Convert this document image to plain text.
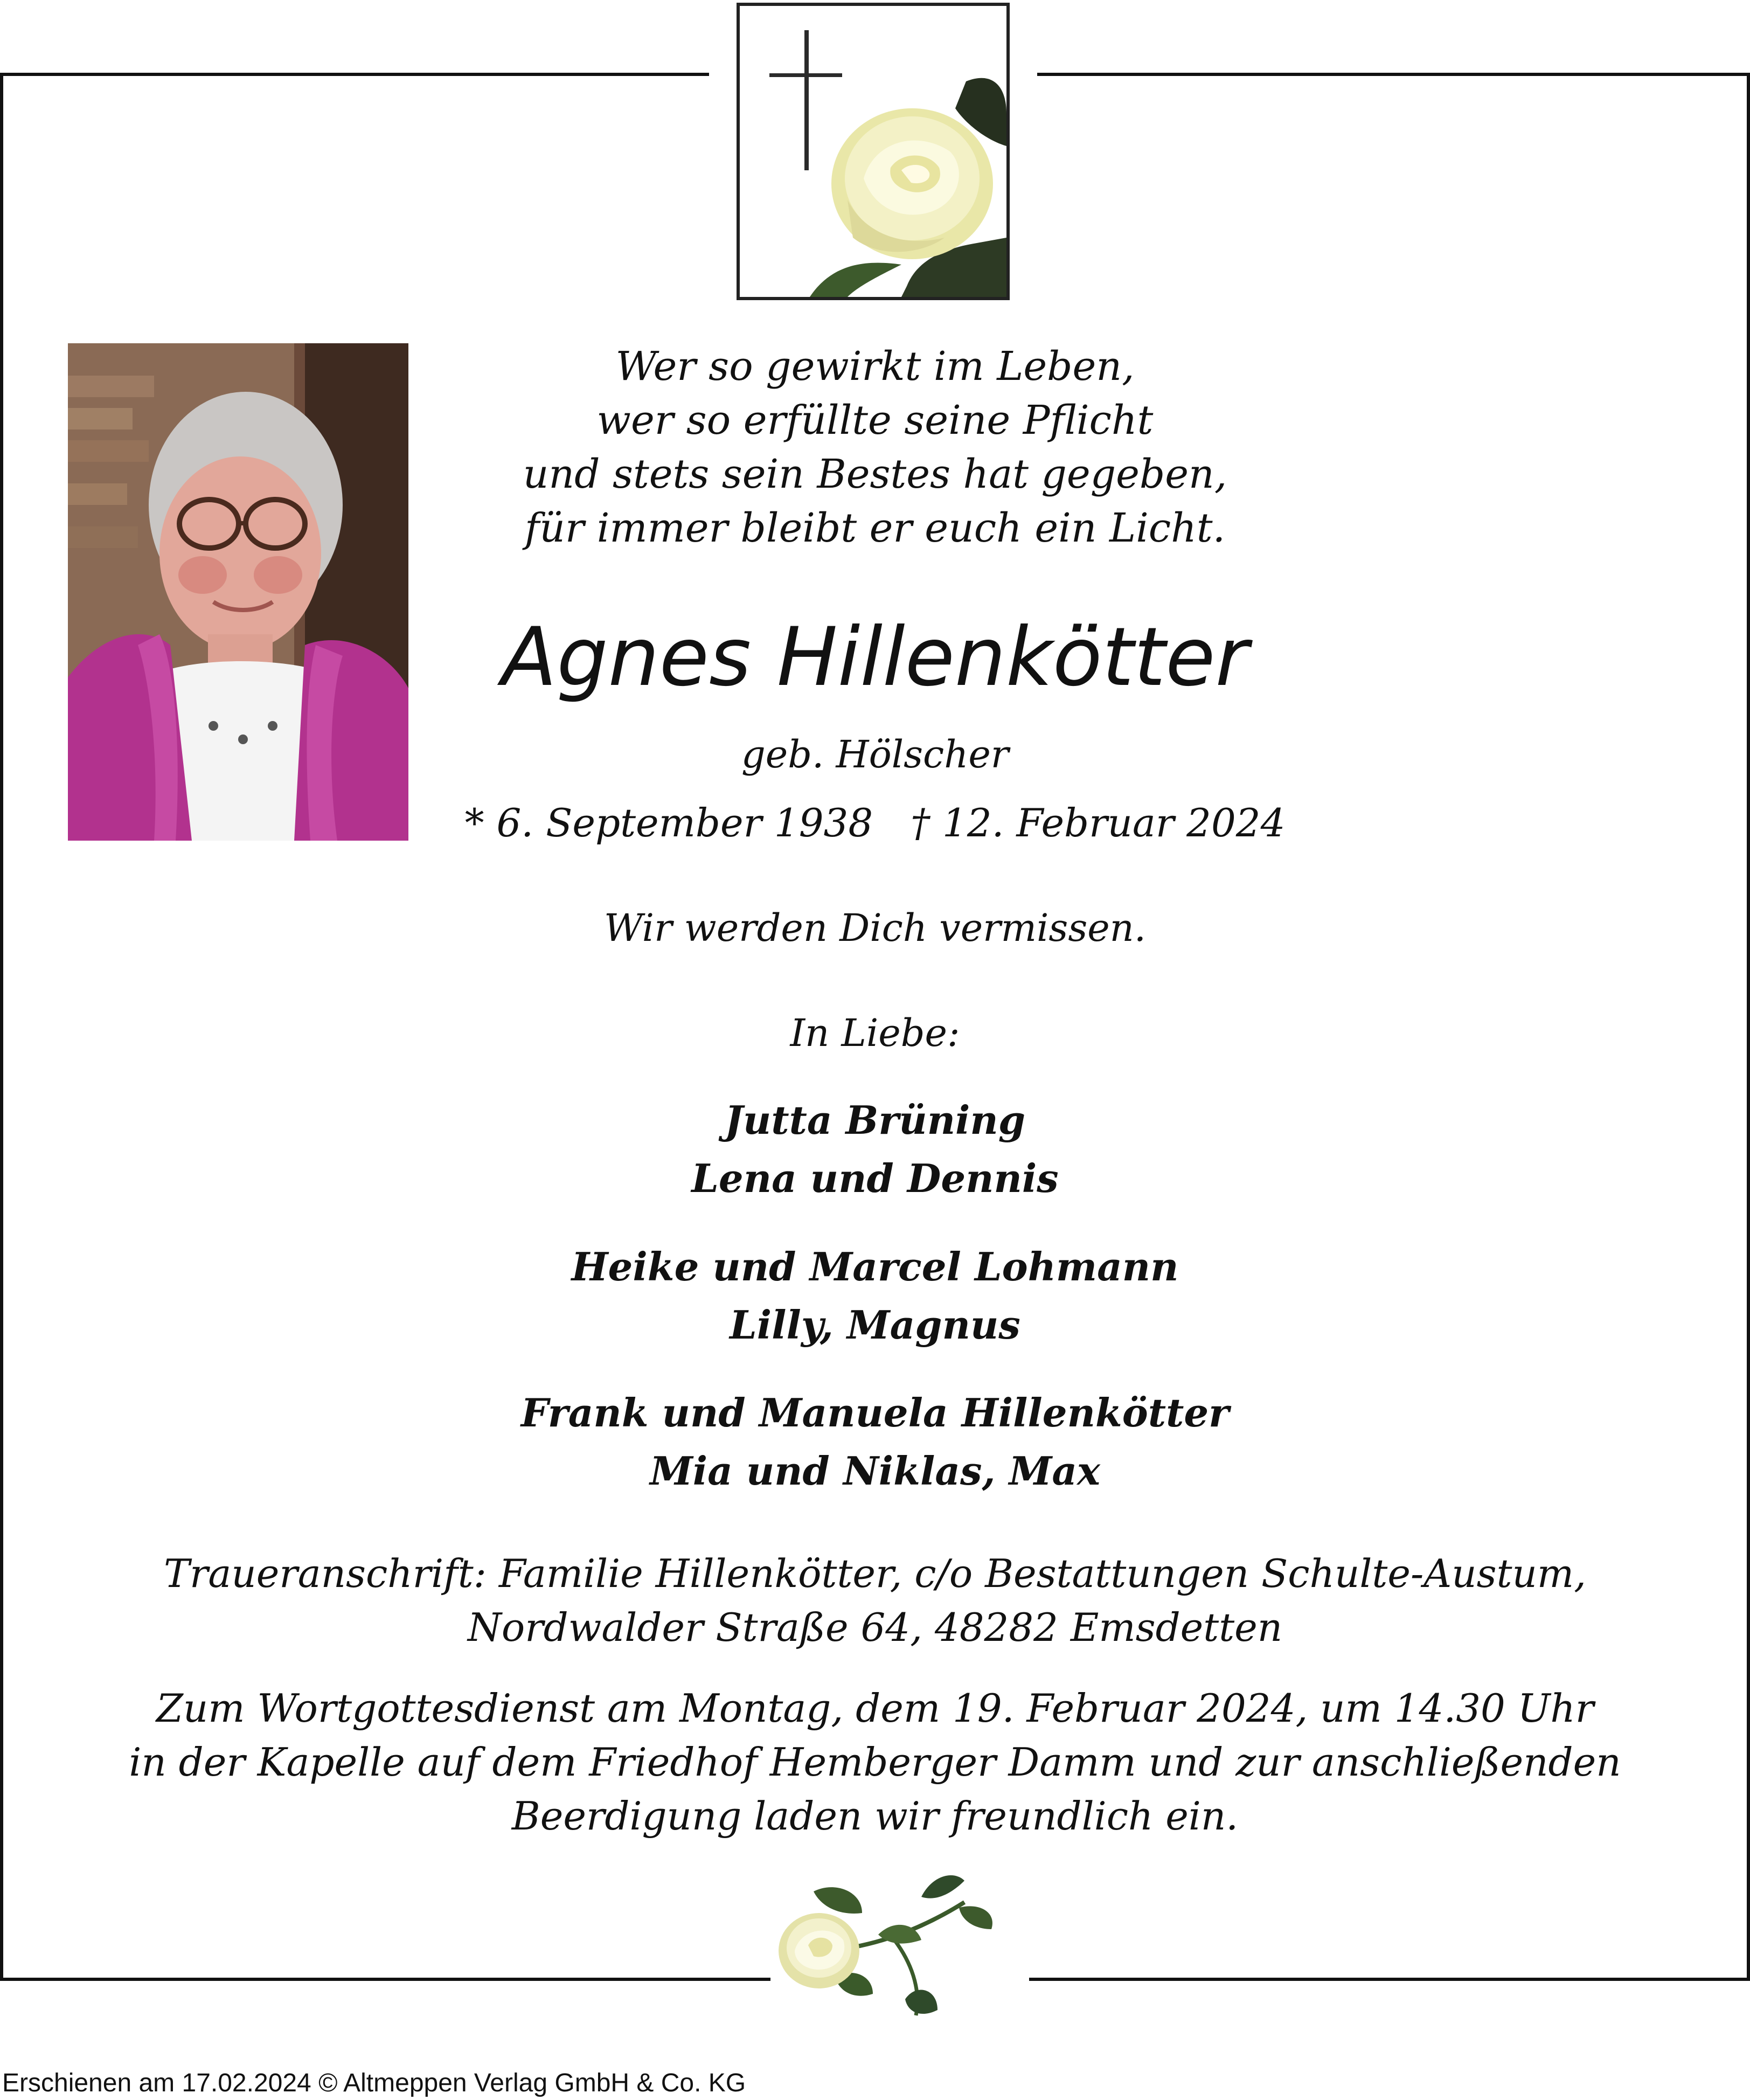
Wer so gewirkt im Leben,
wer so erfüllte seine Pflicht
und stets sein Bestes hat gegeben,
für immer bleibt er euch ein Licht.
Agnes Hillenkötter
geb. Hölscher
* 6. September 1938 † 12. Februar 2024
Wir werden Dich vermissen.
In Liebe:
Jutta Brüning
Lena und Dennis
Heike und Marcel Lohmann
Lilly, Magnus
Frank und Manuela Hillenkötter
Mia und Niklas, Max
Traueranschrift: Familie Hillenkötter, c/o Bestattungen Schulte-Austum,
Nordwalder Straße 64, 48282 Emsdetten
Zum Wortgottesdienst am Montag, dem 19. Februar 2024, um 14.30 Uhr
in der Kapelle auf dem Friedhof Hemberger Damm und zur anschließenden
Beerdigung laden wir freundlich ein.
Erschienen am 17.02.2024 © Altmeppen Verlag GmbH & Co. KG
